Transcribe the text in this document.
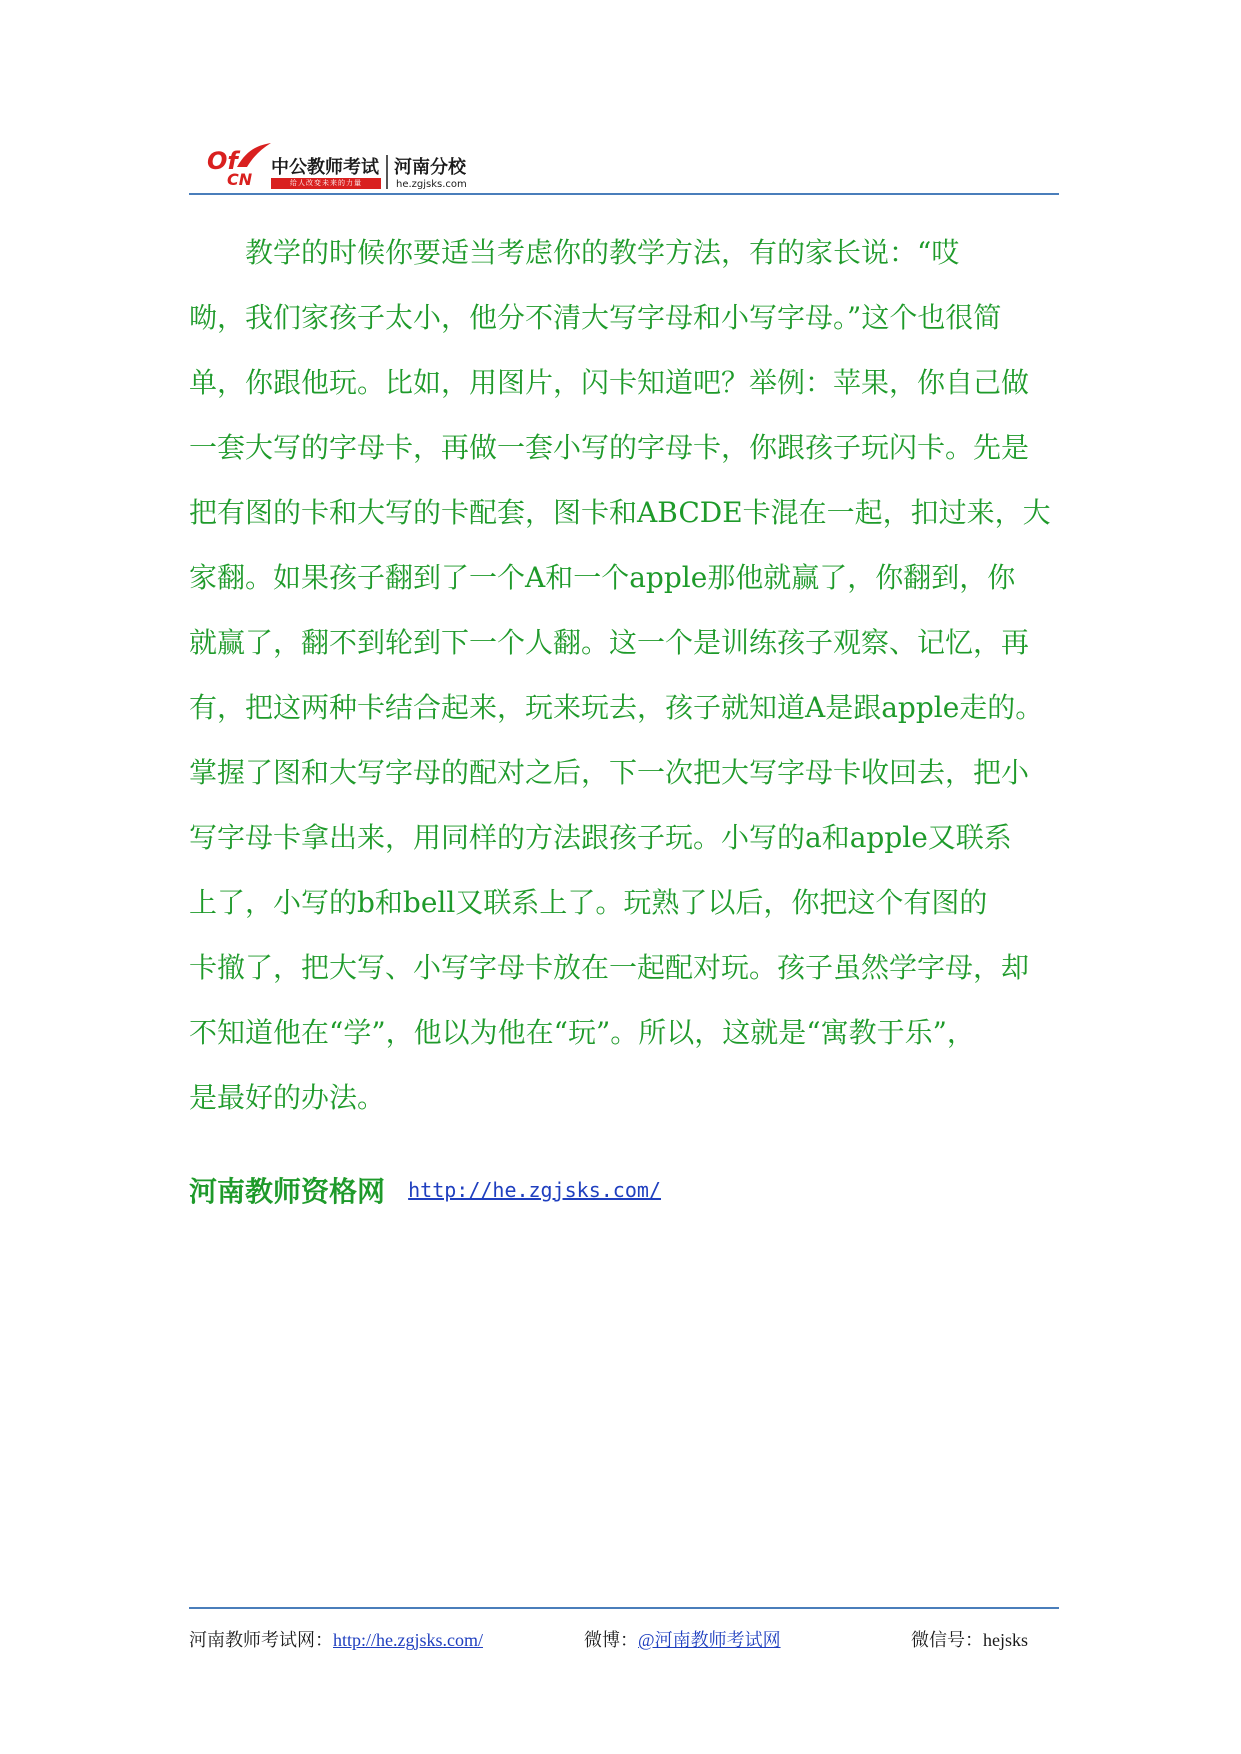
Of
CN
中公教师考试
给人改变未来的力量
河南分校
he.zgjsks.com
　　教学的时候你要适当考虑你的教学方法，有的家长说：“哎
呦，我们家孩子太小，他分不清大写字母和小写字母。”这个也很简
单，你跟他玩。比如，用图片，闪卡知道吧？举例：苹果，你自己做
一套大写的字母卡，再做一套小写的字母卡，你跟孩子玩闪卡。先是
把有图的卡和大写的卡配套，图卡和ABCDE卡混在一起，扣过来，大
家翻。如果孩子翻到了一个A和一个apple那他就赢了，你翻到，你
就赢了，翻不到轮到下一个人翻。这一个是训练孩子观察、记忆，再
有，把这两种卡结合起来，玩来玩去，孩子就知道A是跟apple走的。
掌握了图和大写字母的配对之后，下一次把大写字母卡收回去，把小
写字母卡拿出来，用同样的方法跟孩子玩。小写的a和apple又联系
上了，小写的b和bell又联系上了。玩熟了以后，你把这个有图的
卡撤了，把大写、小写字母卡放在一起配对玩。孩子虽然学字母，却
不知道他在“学”，他以为他在“玩”。所以，这就是“寓教于乐”，
是最好的办法。
河南教师资格网 http://he.zgjsks.com/
河南教师考试网：http://he.zgjsks.com/	微博：@河南教师考试网	微信号：hejsks
